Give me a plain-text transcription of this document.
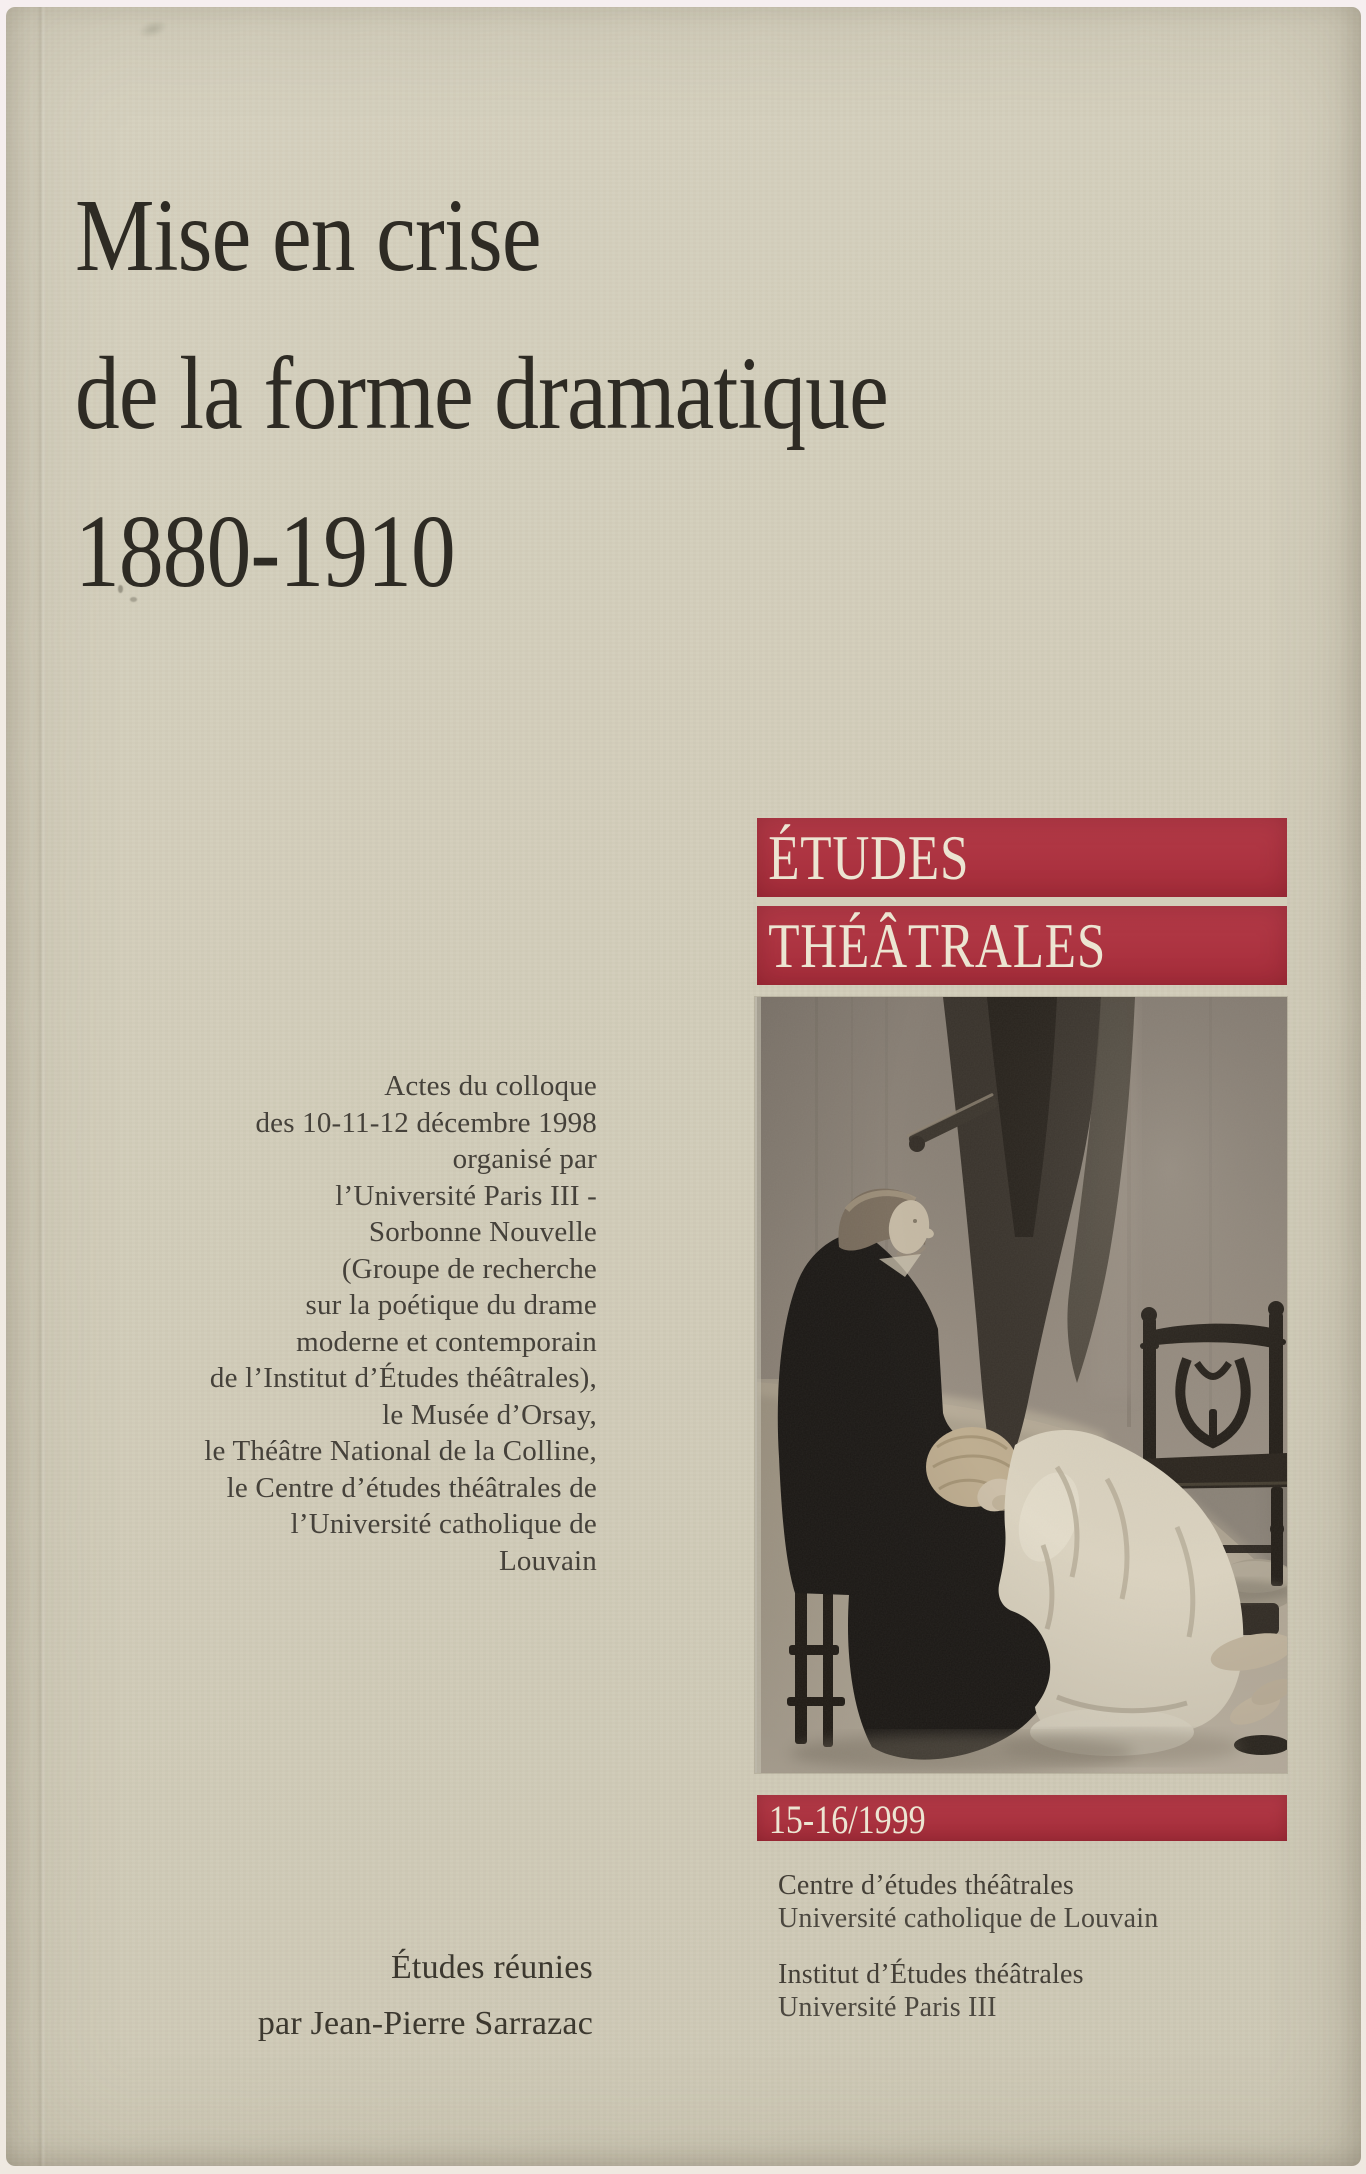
Mise en crise
de la forme dramatique
1880-1910
ÉTUDES
THÉÂTRALES
Actes du colloque
des 10-11-12 décembre 1998
organisé par
l’Université Paris III -
Sorbonne Nouvelle
(Groupe de recherche
sur la poétique du drame
moderne et contemporain
de l’Institut d’Études théâtrales),
le Musée d’Orsay,
le Théâtre National de la Colline,
le Centre d’études théâtrales de
l’Université catholique de
Louvain
15-16/1999
Centre d’études théâtrales
Université catholique de Louvain
Institut d’Études théâtrales
Université Paris III
Études réunies
par Jean-Pierre Sarrazac
